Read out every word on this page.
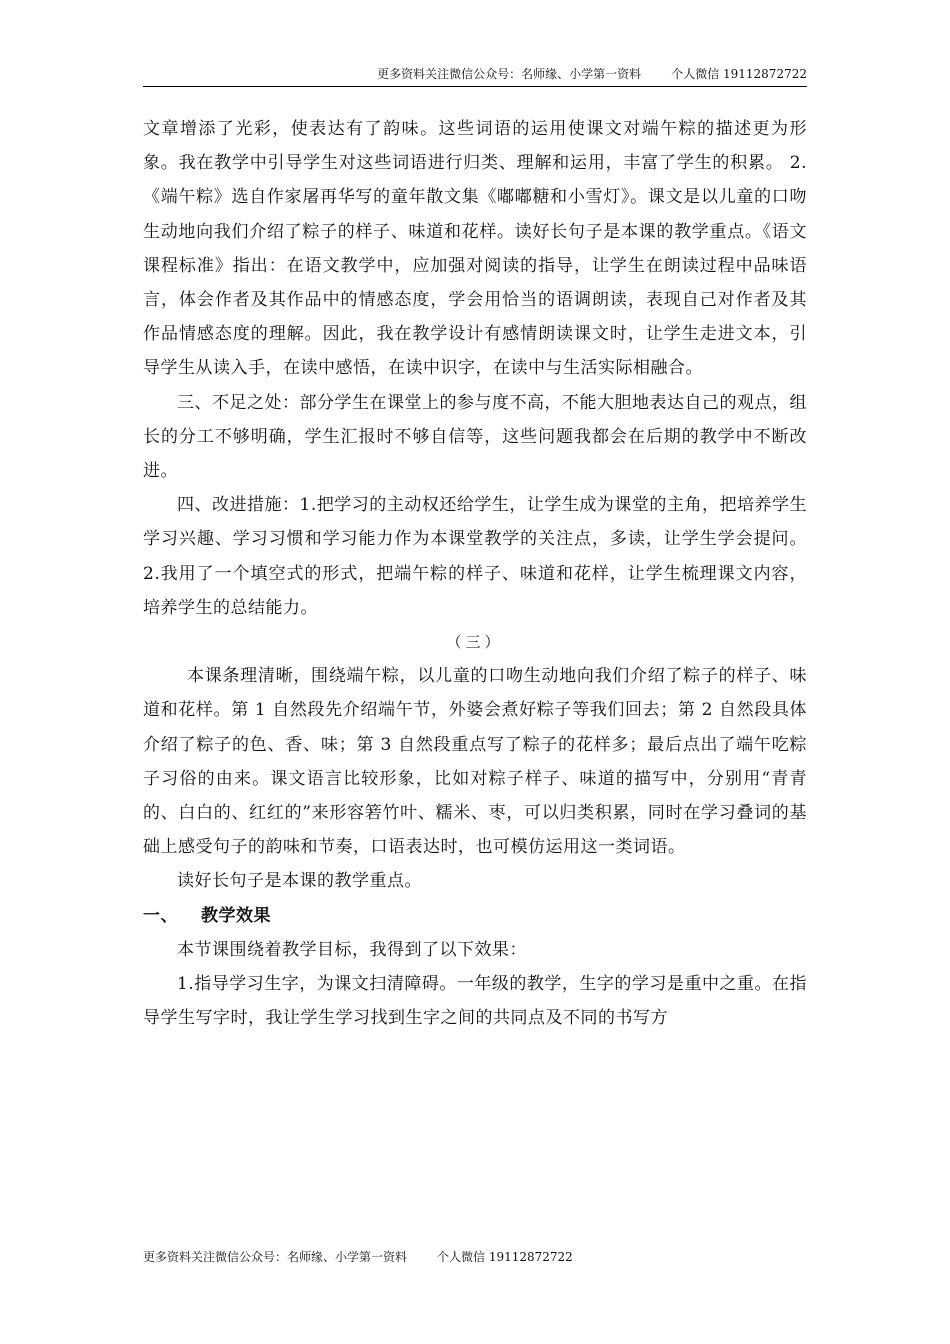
更多资料关注微信公众号：名师缘、小学第一资料	个人微信 19112872722

文章增添了光彩，使表达有了韵味。这些词语的运用使课文对端午粽的描述更为形象。我在教学中引导学生对这些词语进行归类、理解和运用，丰富了学生的积累。 2.《端午粽》选自作家屠再华写的童年散文集《嘟嘟糖和小雪灯》。课文是以儿童的口吻生动地向我们介绍了粽子的样子、味道和花样。读好长句子是本课的教学重点。《语文课程标准》指出：在语文教学中，应加强对阅读的指导，让学生在朗读过程中品味语言，体会作者及其作品中的情感态度，学会用恰当的语调朗读，表现自己对作者及其作品情感态度的理解。因此，我在教学设计有感情朗读课文时，让学生走进文本，引导学生从读入手，在读中感悟，在读中识字，在读中与生活实际相融合。

三、不足之处：部分学生在课堂上的参与度不高，不能大胆地表达自己的观点，组长的分工不够明确，学生汇报时不够自信等，这些问题我都会在后期的教学中不断改进。

四、改进措施：1.把学习的主动权还给学生，让学生成为课堂的主角，把培养学生学习兴趣、学习习惯和学习能力作为本课堂教学的关注点，多读，让学生学会提问。2.我用了一个填空式的形式，把端午粽的样子、味道和花样，让学生梳理课文内容，培养学生的总结能力。

（三）

本课条理清晰，围绕端午粽，以儿童的口吻生动地向我们介绍了粽子的样子、味道和花样。第 1 自然段先介绍端午节，外婆会煮好粽子等我们回去；第 2 自然段具体介绍了粽子的色、香、味；第 3 自然段重点写了粽子的花样多；最后点出了端午吃粽子习俗的由来。课文语言比较形象，比如对粽子样子、味道的描写中，分别用“青青的、白白的、红红的”来形容箬竹叶、糯米、枣，可以归类积累，同时在学习叠词的基础上感受句子的韵味和节奏，口语表达时，也可模仿运用这一类词语。

读好长句子是本课的教学重点。

一、 教学效果

本节课围绕着教学目标，我得到了以下效果：

1.指导学习生字，为课文扫清障碍。一年级的教学，生字的学习是重中之重。在指导学生写字时，我让学生学习找到生字之间的共同点及不同的书写方

更多资料关注微信公众号：名师缘、小学第一资料	个人微信 19112872722
